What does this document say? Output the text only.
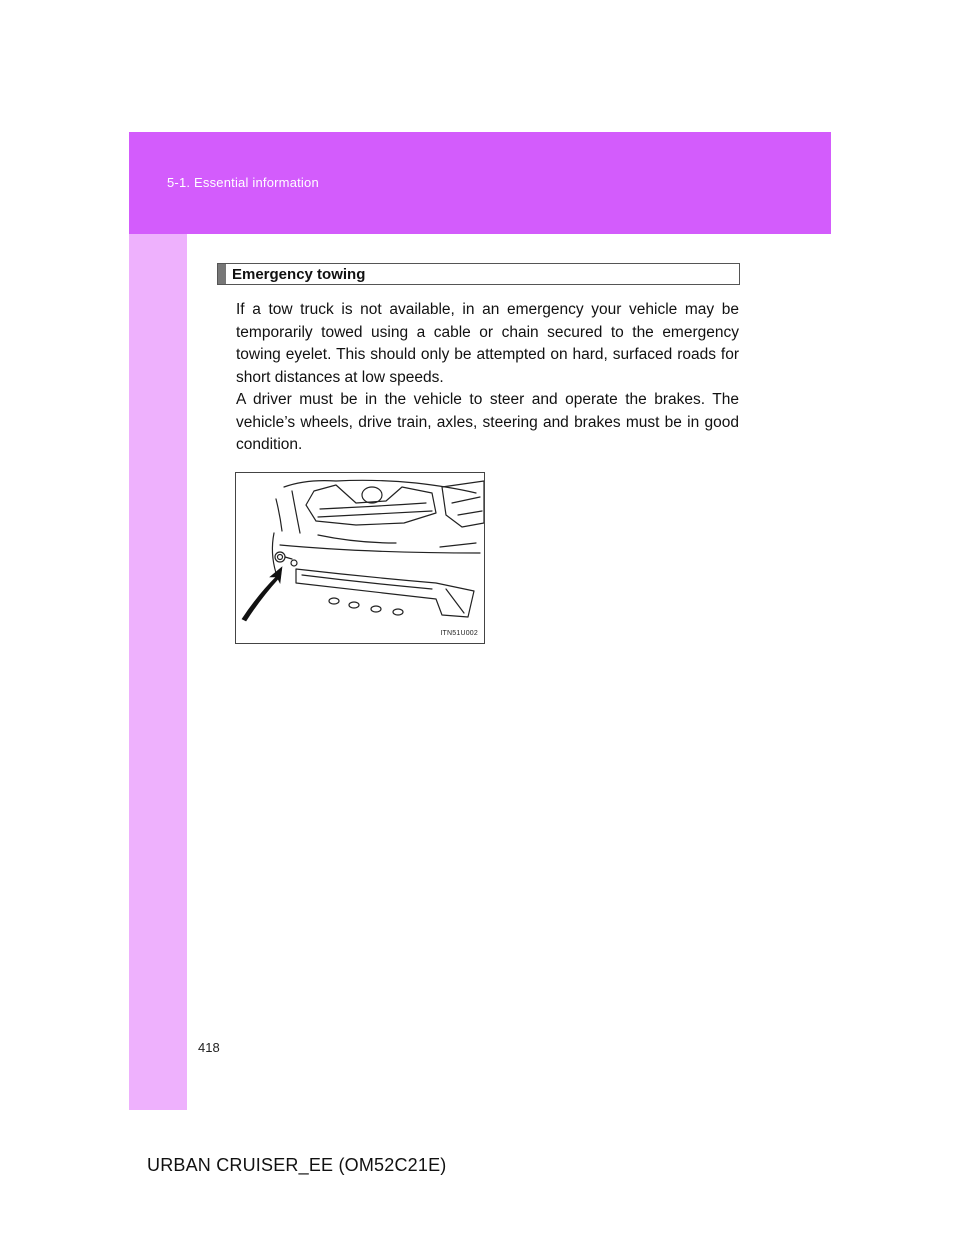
5-1. Essential information
Emergency towing

If a tow truck is not available, in an emergency your vehicle may be temporarily towed using a cable or chain secured to the emergency towing eyelet. This should only be attempted on hard, surfaced roads for short distances at low speeds.

A driver must be in the vehicle to steer and operate the brakes. The vehicle’s wheels, drive train, axles, steering and brakes must be in good condition.

ITN51U002
418
URBAN CRUISER_EE (OM52C21E)
